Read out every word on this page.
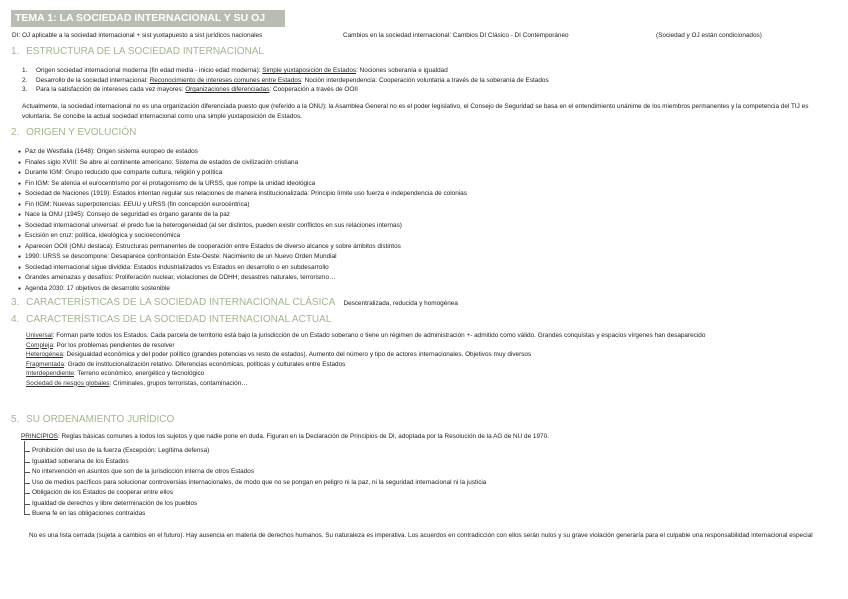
TEMA 1: LA SOCIEDAD INTERNACIONAL Y SU OJ
DI: OJ aplicable a la sociedad internacional + sist yuxtapuesto a sist jurídicos nacionales	Cambios en la sociedad internacional: Cambios DI Clásico - DI Contemporáneo	(Sociedad y OJ están condicionados)
1. ESTRUCTURA DE LA SOCIEDAD INTERNACIONAL
1. Origen sociedad internacional moderna (fin edad media - inicio edad moderna): Simple yuxtaposición de Estados: Nociones soberanía e igualdad
2. Desarrollo de la sociedad internacional: Reconocimiento de intereses comunes entre Estados: Noción interdependencia: Cooperación voluntaria a través de la soberanía de Estados
3. Para la satisfacción de intereses cada vez mayores: Organizaciones diferenciadas: Cooperación a través de OOII
Actualmente, la sociedad internacional no es una organización diferenciada puesto que (referido a la ONU): la Asamblea General no es el poder legislativo, el Consejo de Seguridad se basa en el entendimiento unánime de los miembros permanentes y la competencia del TIJ es voluntaria. Se concibe la actual sociedad internacional como una simple yuxtaposición de Estados.
2. ORIGEN Y EVOLUCIÓN
● Paz de Westfalia (1648): Origen sistema europeo de estados
● Finales siglo XVIII: Se abre al continente americano: Sistema de estados de civilización cristiana
● Durante IGM: Grupo reducido que comparte cultura, religión y política
● Fin IGM: Se atenúa el eurocentrismo por el protagonismo de la URSS, que rompe la unidad ideológica
● Sociedad de Naciones (1919): Estados intentan regular sus relaciones de manera institucionalizada: Principio límite uso fuerza e independencia de colonias
● Fin IIGM: Nuevas superpotencias: EEUU y URSS (fin concepción eurocéntrica)
● Nace la ONU (1945): Consejo de seguridad es órgano garante de la paz
● Sociedad internacional universal: el predo fue la heterogeneidad (al ser distintos, pueden existir conflictos en sus relaciones internas)
● Escisión en cruz: política, ideológica y socioeconómica
● Aparecen OOII (ONU destaca): Estructuras permanentes de cooperación entre Estados de diverso alcance y sobre ámbitos distintos
● 1990: URSS se descompone: Desaparece confrontación Este-Oeste: Nacimiento de un Nuevo Orden Mundial
● Sociedad internacional sigue dividida: Estados industrializados vs Estados en desarrollo o en subdesarrollo
● Grandes amenazas y desafíos: Proliferación nuclear, violaciones de DDHH; desastres naturales, terrorismo…
● Agenda 2030: 17 objetivos de desarrollo sostenible
3. CARACTERÍSTICAS DE LA SOCIEDAD INTERNACIONAL CLÁSICA Descentralizada, reducida y homogénea
4. CARACTERÍSTICAS DE LA SOCIEDAD INTERNACIONAL ACTUAL
Universal: Forman parte todos los Estados. Cada parcela de territorio está bajo la jurisdicción de un Estado soberano o tiene un régimen de administración +- admitido como válido. Grandes conquistas y espacios vírgenes han desaparecido
Compleja: Por los problemas pendientes de resolver
Heterogénea: Desigualdad económica y del poder político (grandes potencias vs resto de estados). Aumento del número y tipo de actores internacionales. Objetivos muy diversos
Fragmentada: Grado de institucionalización relativo. Diferencias económicas, políticas y culturales entre Estados
Interdependiente: Terreno económico, energético y tecnológico
Sociedad de riesgos globales: Criminales, grupos terroristas, contaminación…
5. SU ORDENAMIENTO JURÍDICO
PRINCIPIOS: Reglas básicas comunes a todos los sujetos y que nadie pone en duda. Figuran en la Declaración de Principios de DI, adoptada por la Resolución de la AG de NU de 1970.
Prohibición del uso de la fuerza (Excepción: Legítima defensa)
Igualdad soberana de los Estados
No intervención en asuntos que son de la jurisdicción interna de otros Estados
Uso de medios pacíficos para solucionar controversias internacionales, de modo que no se pongan en peligro ni la paz, ni la seguridad internacional ni la justicia
Obligación de los Estados de cooperar entre ellos
Igualdad de derechos y libre determinación de los pueblos
Buena fe en las obligaciones contraídas
No es una lista cerrada (sujeta a cambios en el futuro). Hay ausencia en materia de derechos humanos. Su naturaleza es imperativa. Los acuerdos en contradicción con ellos serán nulos y su grave violación generaría para el culpable una responsabilidad internacional especial
